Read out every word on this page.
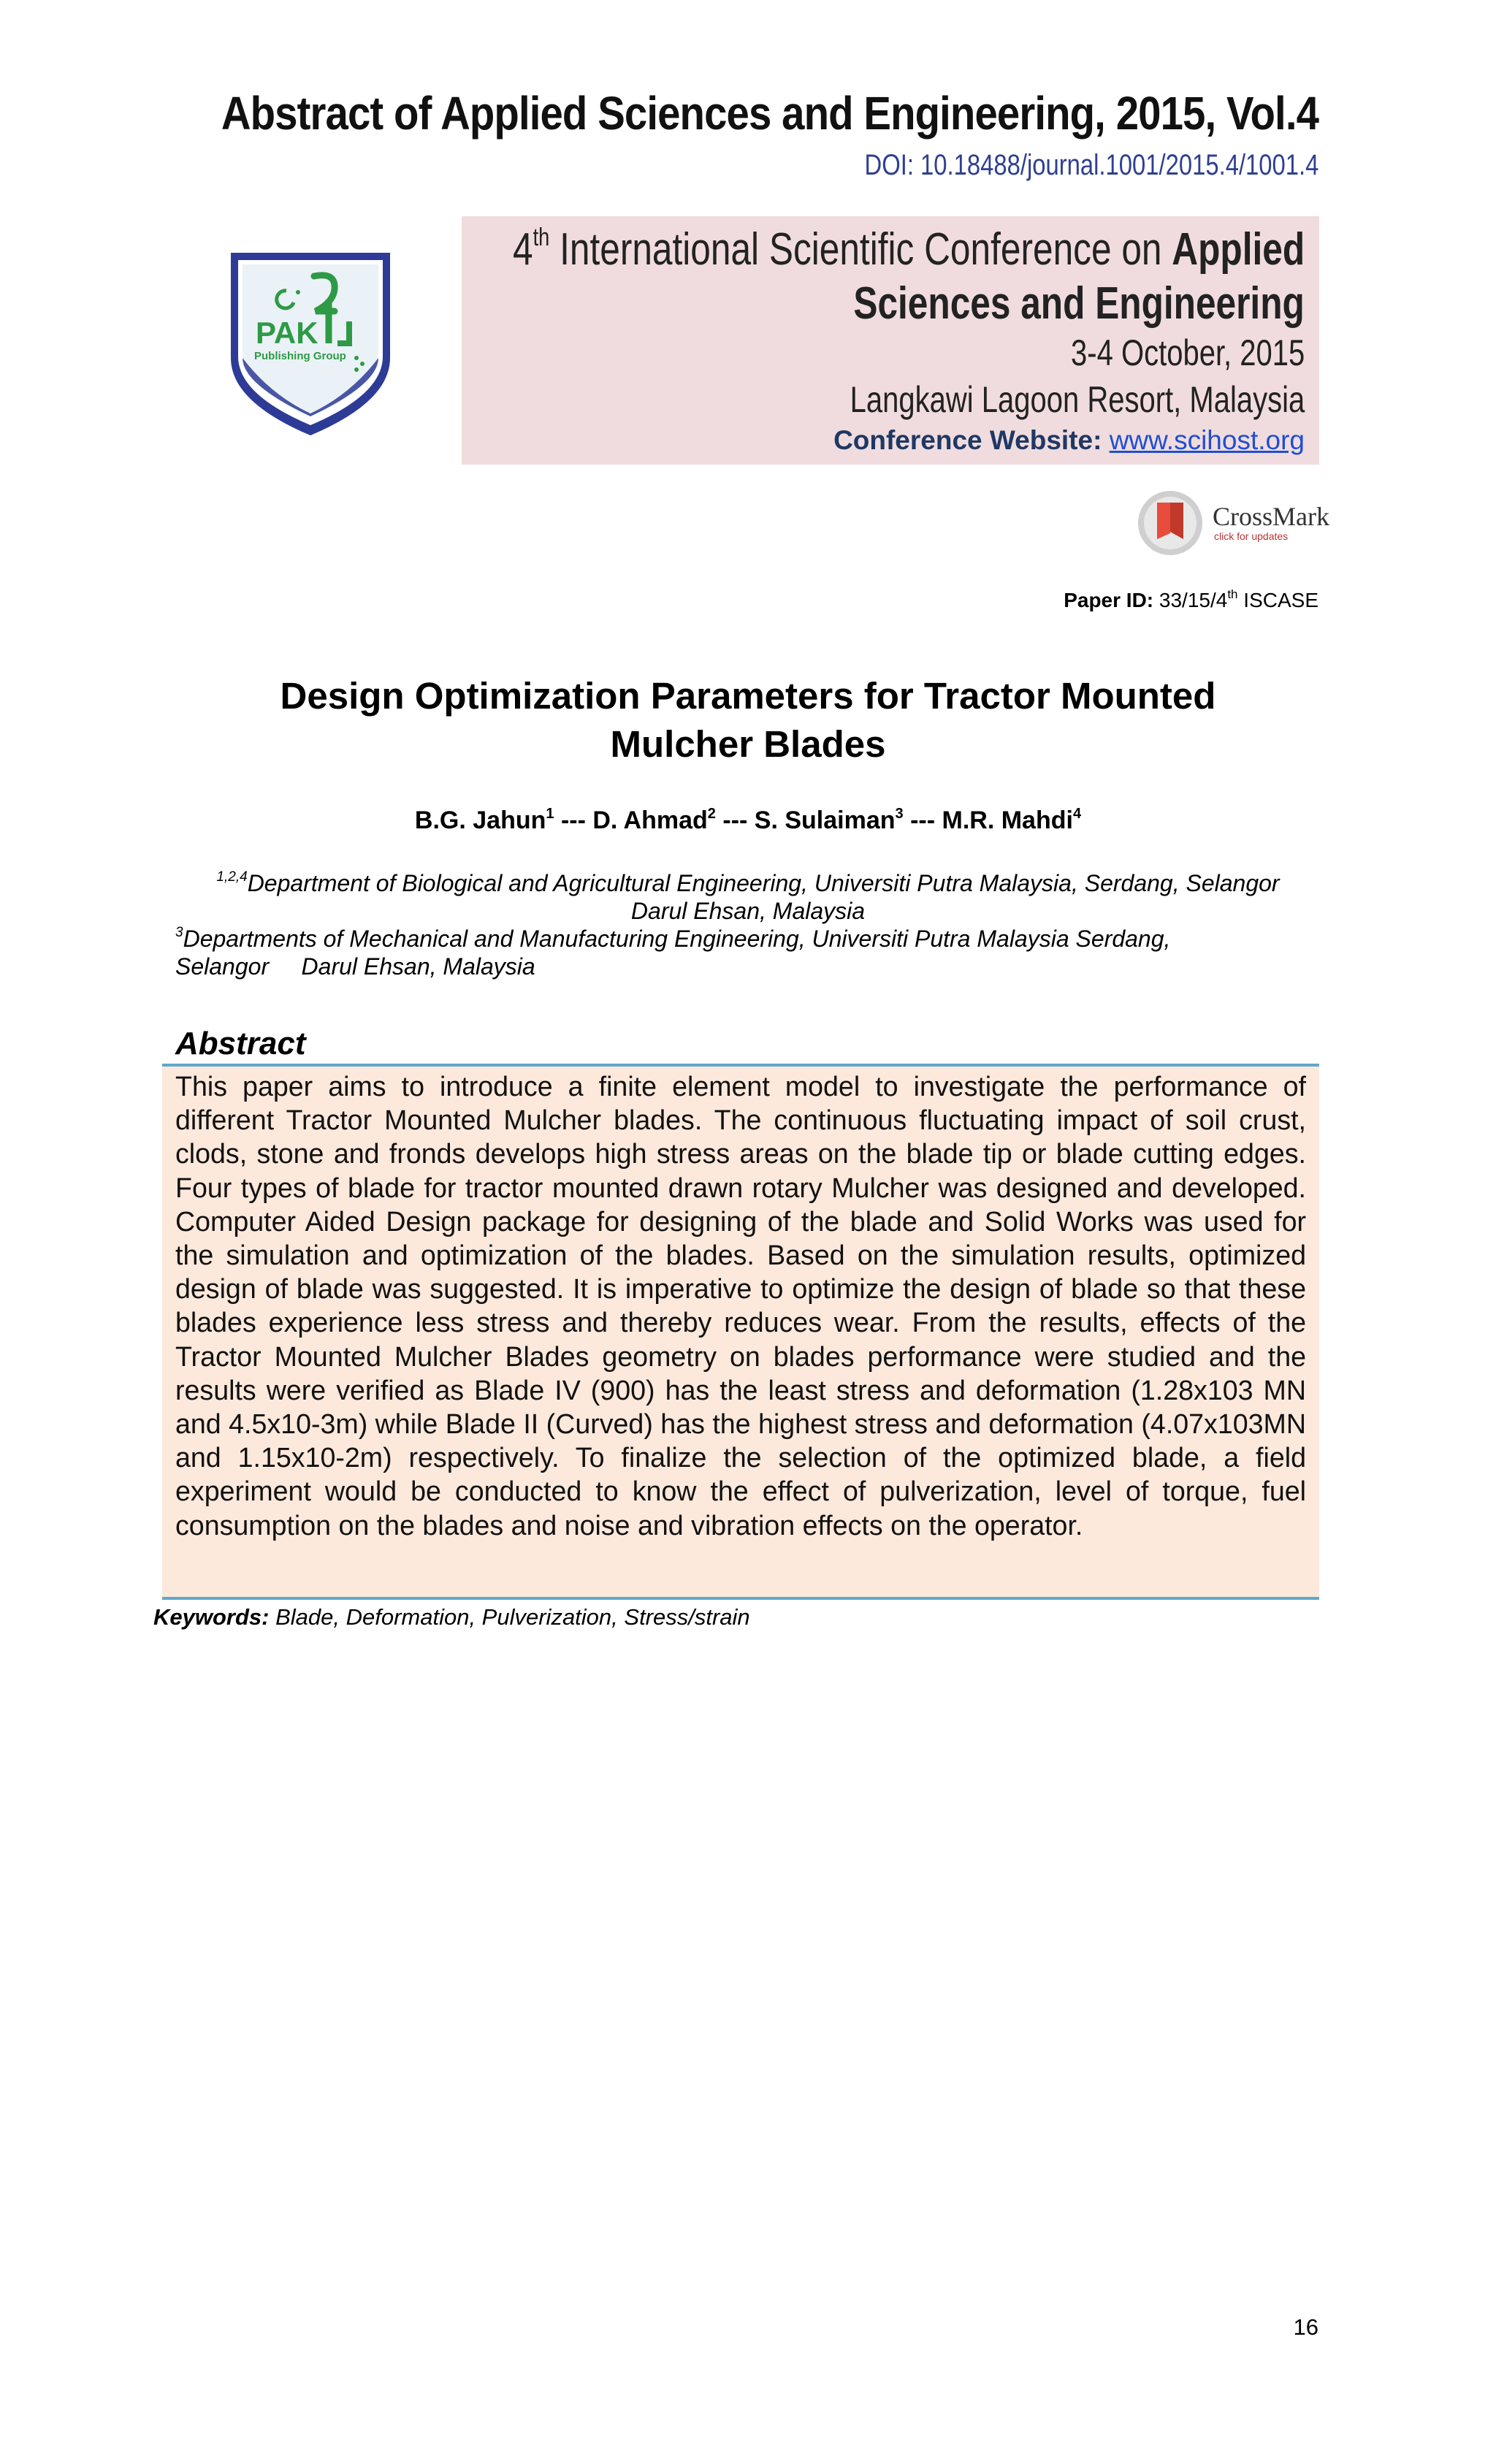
Abstract of Applied Sciences and Engineering, 2015, Vol.4
DOI: 10.18488/journal.1001/2015.4/1001.4
PAK
Publishing Group
4th International Scientific Conference on Applied
Sciences and Engineering
3-4 October, 2015
Langkawi Lagoon Resort, Malaysia
Conference Website: www.scihost.org
CrossMark
click for updates
Paper ID: 33/15/4th ISCASE
Design Optimization Parameters for Tractor Mounted
Mulcher Blades
B.G. Jahun$^1$ --- D. Ahmad$^2$ --- S. Sulaiman$^3$ --- M.R. Mahdi$^4$
$^{1,2,4}$Department of Biological and Agricultural Engineering, Universiti Putra Malaysia, Serdang, Selangor
Darul Ehsan, Malaysia
$^3$Departments of Mechanical and Manufacturing Engineering, Universiti Putra Malaysia Serdang,
Selangor     Darul Ehsan, Malaysia
Abstract
This paper aims to introduce a finite element model to investigate the performance of different Tractor Mounted Mulcher blades. The continuous fluctuating impact of soil crust, clods, stone and fronds develops high stress areas on the blade tip or blade cutting edges. Four types of blade for tractor mounted drawn rotary Mulcher was designed and developed. Computer Aided Design package for designing of the blade and Solid Works was used for the simulation and optimization of the blades. Based on the simulation results, optimized design of blade was suggested. It is imperative to optimize the design of blade so that these blades experience less stress and thereby reduces wear. From the results, effects of the Tractor Mounted Mulcher Blades geometry on blades performance were studied and the results were verified as Blade IV (900) has the least stress and deformation (1.28x103 MN and 4.5x10-3m) while Blade II (Curved) has the highest stress and deformation (4.07x103MN and 1.15x10-2m) respectively. To finalize the selection of the optimized blade, a field experiment would be conducted to know the effect of pulverization, level of torque, fuel consumption on the blades and noise and vibration effects on the operator.
Keywords: Blade, Deformation, Pulverization, Stress/strain
16
